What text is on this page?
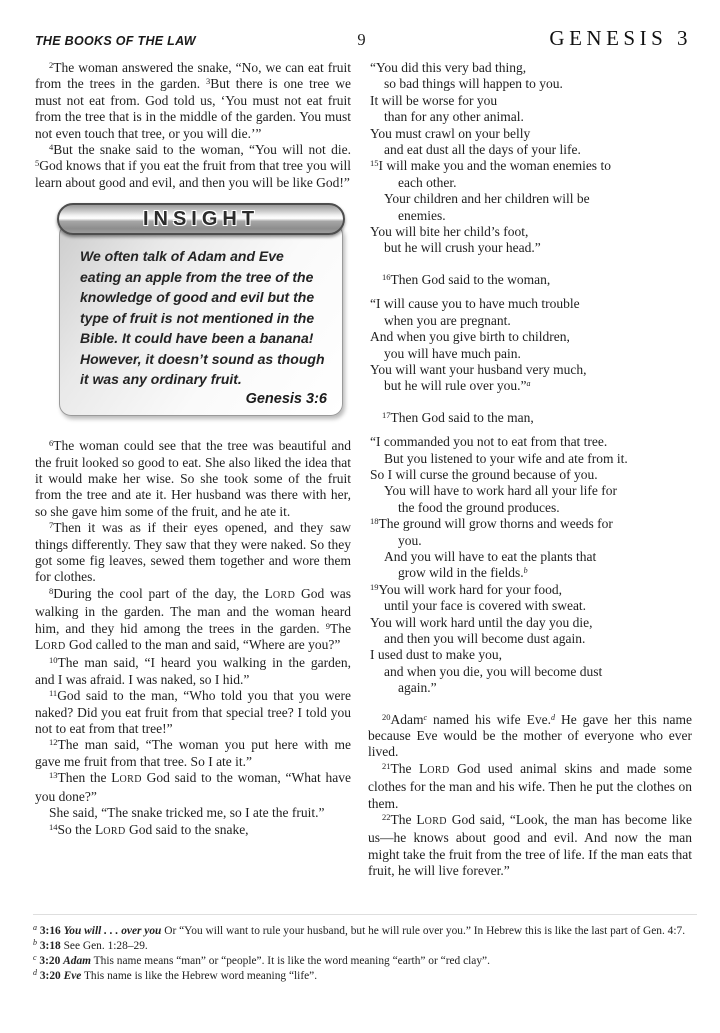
THE BOOKS OF THE LAW	9	GENESIS 3

$^2$The woman answered the snake, “No, we can eat fruit from the trees in the garden. $^3$But there is one tree we must not eat from. God told us, ‘You must not eat fruit from the tree that is in the middle of the garden. You must not even touch that tree, or you will die.’”

$^4$But the snake said to the woman, “You will not die. $^5$God knows that if you eat the fruit from that tree you will learn about good and evil, and then you will be like God!”

INSIGHT
We often talk of Adam and Eve eating an apple from the tree of the knowledge of good and evil but the type of fruit is not mentioned in the Bible. It could have been a banana! However, it doesn’t sound as though it was any ordinary fruit.
Genesis 3:6

$^6$The woman could see that the tree was beautiful and the fruit looked so good to eat. She also liked the idea that it would make her wise. So she took some of the fruit from the tree and ate it. Her husband was there with her, so she gave him some of the fruit, and he ate it.

$^7$Then it was as if their eyes opened, and they saw things differently. They saw that they were naked. So they got some fig leaves, sewed them together and wore them for clothes.

$^8$During the cool part of the day, the LORD God was walking in the garden. The man and the woman heard him, and they hid among the trees in the garden. $^9$The LORD God called to the man and said, “Where are you?”

$^{10}$The man said, “I heard you walking in the garden, and I was afraid. I was naked, so I hid.”

$^{11}$God said to the man, “Who told you that you were naked? Did you eat fruit from that special tree? I told you not to eat from that tree!”

$^{12}$The man said, “The woman you put here with me gave me fruit from that tree. So I ate it.”

$^{13}$Then the LORD God said to the woman, “What have you done?”

She said, “The snake tricked me, so I ate the fruit.”

$^{14}$So the LORD God said to the snake,

“You did this very bad thing,
so bad things will happen to you.
It will be worse for you
than for any other animal.
You must crawl on your belly
and eat dust all the days of your life.
$^{15}$I will make you and the woman enemies to
each other.
Your children and her children will be
enemies.
You will bite her child’s foot,
but he will crush your head.”

$^{16}$Then God said to the woman,

“I will cause you to have much trouble
when you are pregnant.
And when you give birth to children,
you will have much pain.
You will want your husband very much,
but he will rule over you.”$^a$

$^{17}$Then God said to the man,

“I commanded you not to eat from that tree.
But you listened to your wife and ate from it.
So I will curse the ground because of you.
You will have to work hard all your life for
the food the ground produces.
$^{18}$The ground will grow thorns and weeds for
you.
And you will have to eat the plants that
grow wild in the fields.$^b$
$^{19}$You will work hard for your food,
until your face is covered with sweat.
You will work hard until the day you die,
and then you will become dust again.
I used dust to make you,
and when you die, you will become dust
again.”

$^{20}$Adam$^c$ named his wife Eve.$^d$ He gave her this name because Eve would be the mother of everyone who ever lived.

$^{21}$The LORD God used animal skins and made some clothes for the man and his wife. Then he put the clothes on them.

$^{22}$The LORD God said, “Look, the man has become like us—he knows about good and evil. And now the man might take the fruit from the tree of life. If the man eats that fruit, he will live forever.”

$^a$ 3:16 You will . . . over you Or “You will want to rule your husband, but he will rule over you.” In Hebrew this is like the last part of Gen. 4:7.

$^b$ 3:18 See Gen. 1:28–29.

$^c$ 3:20 Adam This name means “man” or “people”. It is like the word meaning “earth” or “red clay”.

$^d$ 3:20 Eve This name is like the Hebrew word meaning “life”.
